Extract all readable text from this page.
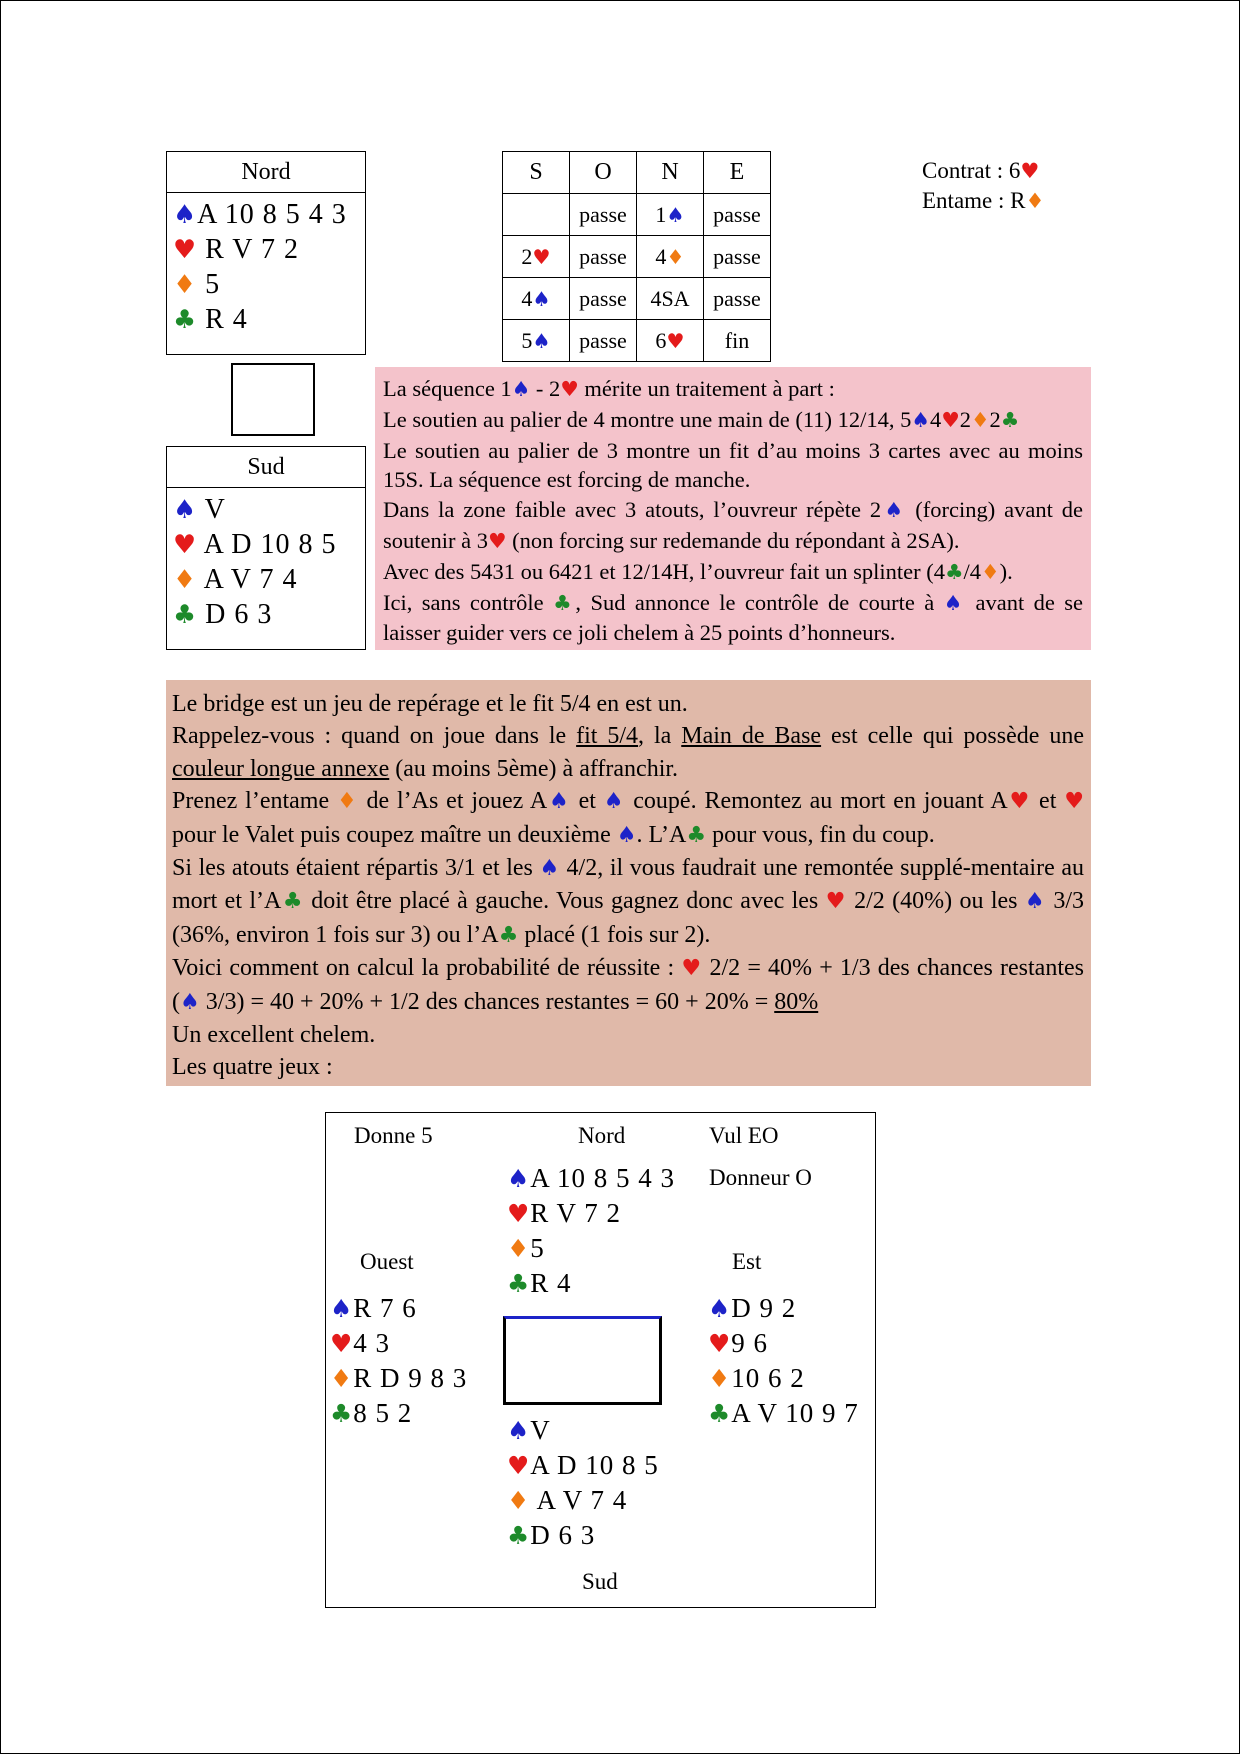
Nord
♠A 10 8 5 4 3
♥ R V 7 2
♦ 5
♣ R 4
Sud
♠ V
♥ A D 10 8 5
♦ A V 7 4
♣ D 6 3
S	O	N	E
	passe	1♠	passe
2♥	passe	4♦	passe
4♠	passe	4SA	passe
5♠	passe	6♥	fin
Contrat : 6♥
Entame : R♦
La séquence 1♠ - 2♥ mérite un traitement à part :
Le soutien au palier de 4 montre une main de (11) 12/14, 5♠4♥2♦2♣
Le soutien au palier de 3 montre un fit d’au moins 3 cartes avec au moins 15S. La séquence est forcing de manche.
Dans la zone faible avec 3 atouts, l’ouvreur répète 2♠ (forcing) avant de soutenir à 3♥ (non forcing sur redemande du répondant à 2SA).
Avec des 5431 ou 6421 et 12/14H, l’ouvreur fait un splinter (4♣/4♦).
Ici, sans contrôle ♣, Sud annonce le contrôle de courte à ♠ avant de se laisser guider vers ce joli chelem à 25 points d’honneurs.
Le bridge est un jeu de repérage et le fit 5/4 en est un.
Rappelez-vous : quand on joue dans le fit 5/4, la Main de Base est celle qui possède une couleur longue annexe (au moins 5ème) à affranchir.
Prenez l’entame ♦ de l’As et jouez A♠ et ♠ coupé. Remontez au mort en jouant A♥ et ♥ pour le Valet puis coupez maître un deuxième ♠. L’A♣ pour vous, fin du coup.
Si les atouts étaient répartis 3/1 et les ♠ 4/2, il vous faudrait une remontée supplé-mentaire au mort et l’A♣ doit être placé à gauche. Vous gagnez donc avec les ♥ 2/2 (40%) ou les ♠ 3/3 (36%, environ 1 fois sur 3) ou l’A♣ placé (1 fois sur 2).
Voici comment on calcul la probabilité de réussite : ♥ 2/2 = 40% + 1/3 des chances restantes (♠ 3/3) = 40 + 20% + 1/2 des chances restantes = 60 + 20% = 80%
Un excellent chelem.
Les quatre jeux :
Donne 5	Nord	Vul EO
Donneur O
Ouest	Est
Sud
♠A 10 8 5 4 3
♥R V 7 2
♦5
♣R 4
♠R 7 6
♥4 3
♦R D 9 8 3
♣8 5 2
♠D 9 2
♥9 6
♦10 6 2
♣A V 10 9 7
♠V
♥A D 10 8 5
♦ A V 7 4
♣D 6 3
